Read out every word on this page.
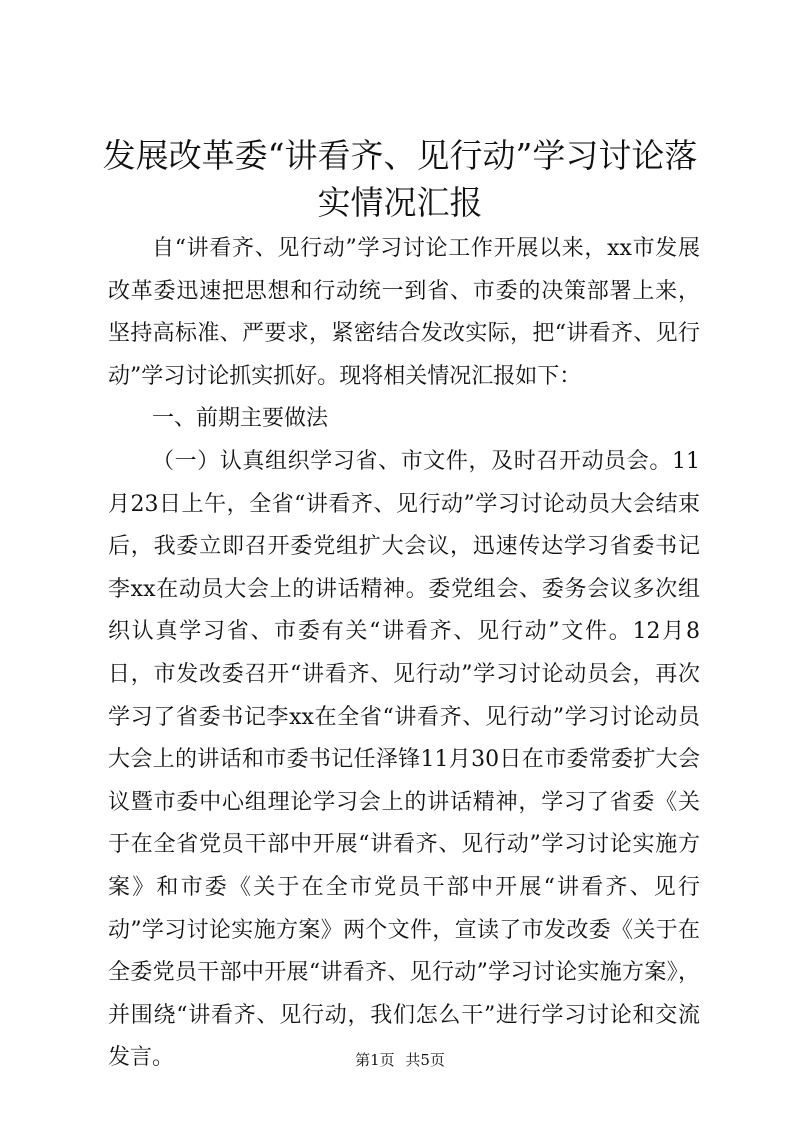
发展改革委“讲看齐、见行动”学习讨论落实情况汇报

自“讲看齐、见行动”学习讨论工作开展以来，xx市发展改革委迅速把思想和行动统一到省、市委的决策部署上来，坚持高标准、严要求，紧密结合发改实际，把“讲看齐、见行动”学习讨论抓实抓好。现将相关情况汇报如下：

一、前期主要做法

（一）认真组织学习省、市文件，及时召开动员会。11月23日上午，全省“讲看齐、见行动”学习讨论动员大会结束后，我委立即召开委党组扩大会议，迅速传达学习省委书记李xx在动员大会上的讲话精神。委党组会、委务会议多次组织认真学习省、市委有关“讲看齐、见行动”文件。12月8日，市发改委召开“讲看齐、见行动”学习讨论动员会，再次学习了省委书记李xx在全省“讲看齐、见行动”学习讨论动员大会上的讲话和市委书记任泽锋11月30日在市委常委扩大会议暨市委中心组理论学习会上的讲话精神，学习了省委《关于在全省党员干部中开展“讲看齐、见行动”学习讨论实施方案》和市委《关于在全市党员干部中开展“讲看齐、见行动”学习讨论实施方案》两个文件，宣读了市发改委《关于在全委党员干部中开展“讲看齐、见行动”学习讨论实施方案》，并围绕“讲看齐、见行动，我们怎么干”进行学习讨论和交流发言。	第1页 共5页
